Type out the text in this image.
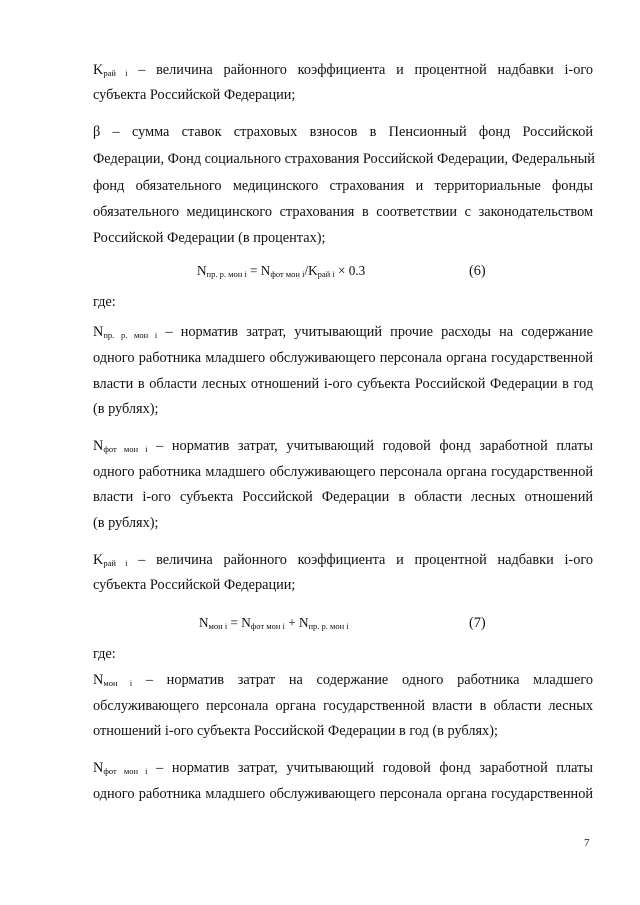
$K_{рай i}$ – величина районного коэффициента и процентной надбавки i-ого
субъекта Российской Федерации;
β – сумма ставок страховых взносов в Пенсионный фонд Российской
Федерации, Фонд социального страхования Российской Федерации, Федеральный
фонд обязательного медицинского страхования и территориальные фонды
обязательного медицинского страхования в соответствии с законодательством
Российской Федерации (в процентах);
$N_{пр. р. мон i} = N_{фот мон i}/K_{рай i} \times 0.3$	(6)
где:
$N_{пр. р. мон i}$ – норматив затрат, учитывающий прочие расходы на содержание
одного работника младшего обслуживающего персонала органа государственной
власти в области лесных отношений i-ого субъекта Российской Федерации в год
(в рублях);
$N_{фот мон i}$ – норматив затрат, учитывающий годовой фонд заработной платы
одного работника младшего обслуживающего персонала органа государственной
власти i-ого субъекта Российской Федерации в области лесных отношений
(в рублях);
$K_{рай i}$ – величина районного коэффициента и процентной надбавки i-ого
субъекта Российской Федерации;
$N_{мон i} = N_{фот мон i} + N_{пр. р. мон i}$	(7)
где:
$N_{мон i}$ – норматив затрат на содержание одного работника младшего
обслуживающего персонала органа государственной власти в области лесных
отношений i-ого субъекта Российской Федерации в год (в рублях);
$N_{фот мон i}$ – норматив затрат, учитывающий годовой фонд заработной платы
одного работника младшего обслуживающего персонала органа государственной
7
